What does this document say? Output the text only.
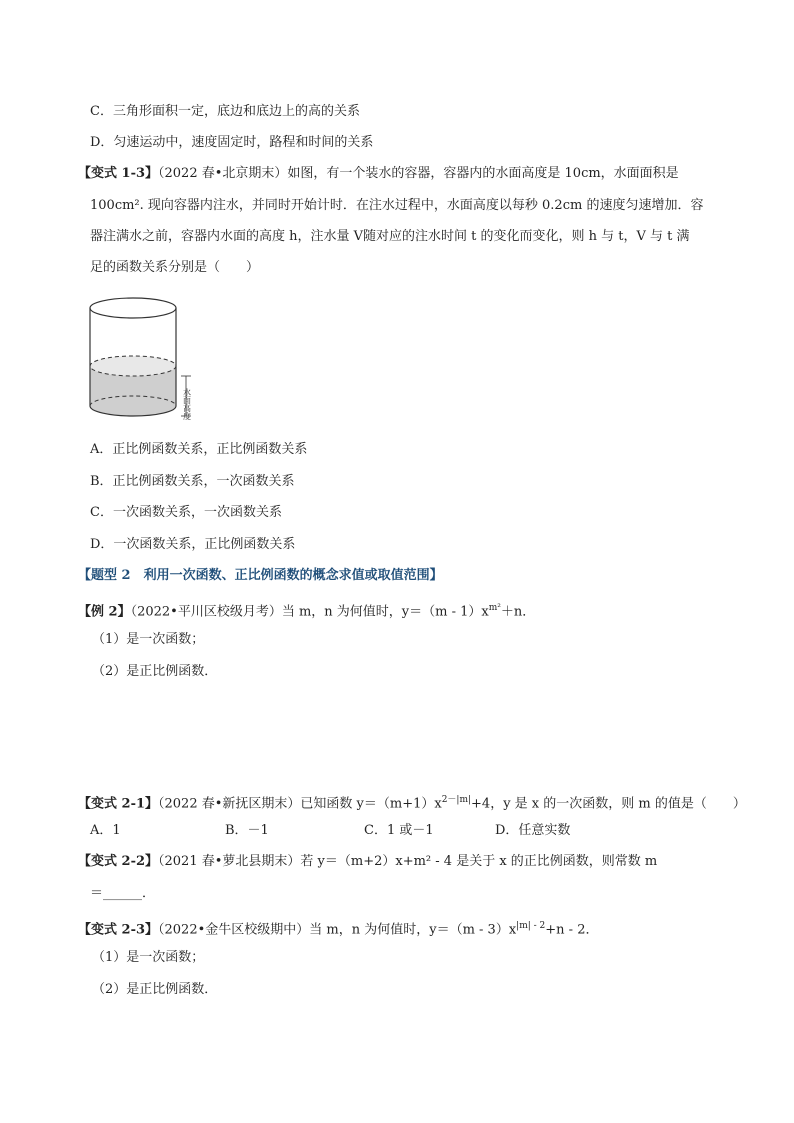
C．三角形面积一定，底边和底边上的高的关系
D．匀速运动中，速度固定时，路程和时间的关系
【变式 1-3】（2022 春•北京期末）如图，有一个装水的容器，容器内的水面高度是 10cm，水面面积是
100cm². 现向容器内注水，并同时开始计时．在注水过程中，水面高度以每秒 0.2cm 的速度匀速增加．容
器注满水之前，容器内水面的高度 h，注水量 V随对应的注水时间 t 的变化而变化，则 h 与 t，V 与 t 满
足的函数关系分别是（　　）
水面高度
A．正比例函数关系，正比例函数关系
B．正比例函数关系，一次函数关系
C．一次函数关系，一次函数关系
D．一次函数关系，正比例函数关系
【题型 2　利用一次函数、正比例函数的概念求值或取值范围】
【例 2】（2022•平川区校级月考）当 m，n 为何值时，$y=(m - 1)x^{m^2}+n$．
（1）是一次函数；
（2）是正比例函数．
【变式 2-1】（2022 春•新抚区期末）已知函数 $y=(m+1)x^{2-|m|}+4$，y 是 x 的一次函数，则 m 的值是（　　）
A．1	B．－1	C．1 或－1	D．任意实数
【变式 2-2】（2021 春•萝北县期末）若 y＝（m+2）x+m² - 4 是关于 x 的正比例函数，则常数 m
＝______．
【变式 2-3】（2022•金牛区校级期中）当 m，n 为何值时，$y=(m - 3)x^{|m| - 2}+n - 2$．
（1）是一次函数；
（2）是正比例函数．
